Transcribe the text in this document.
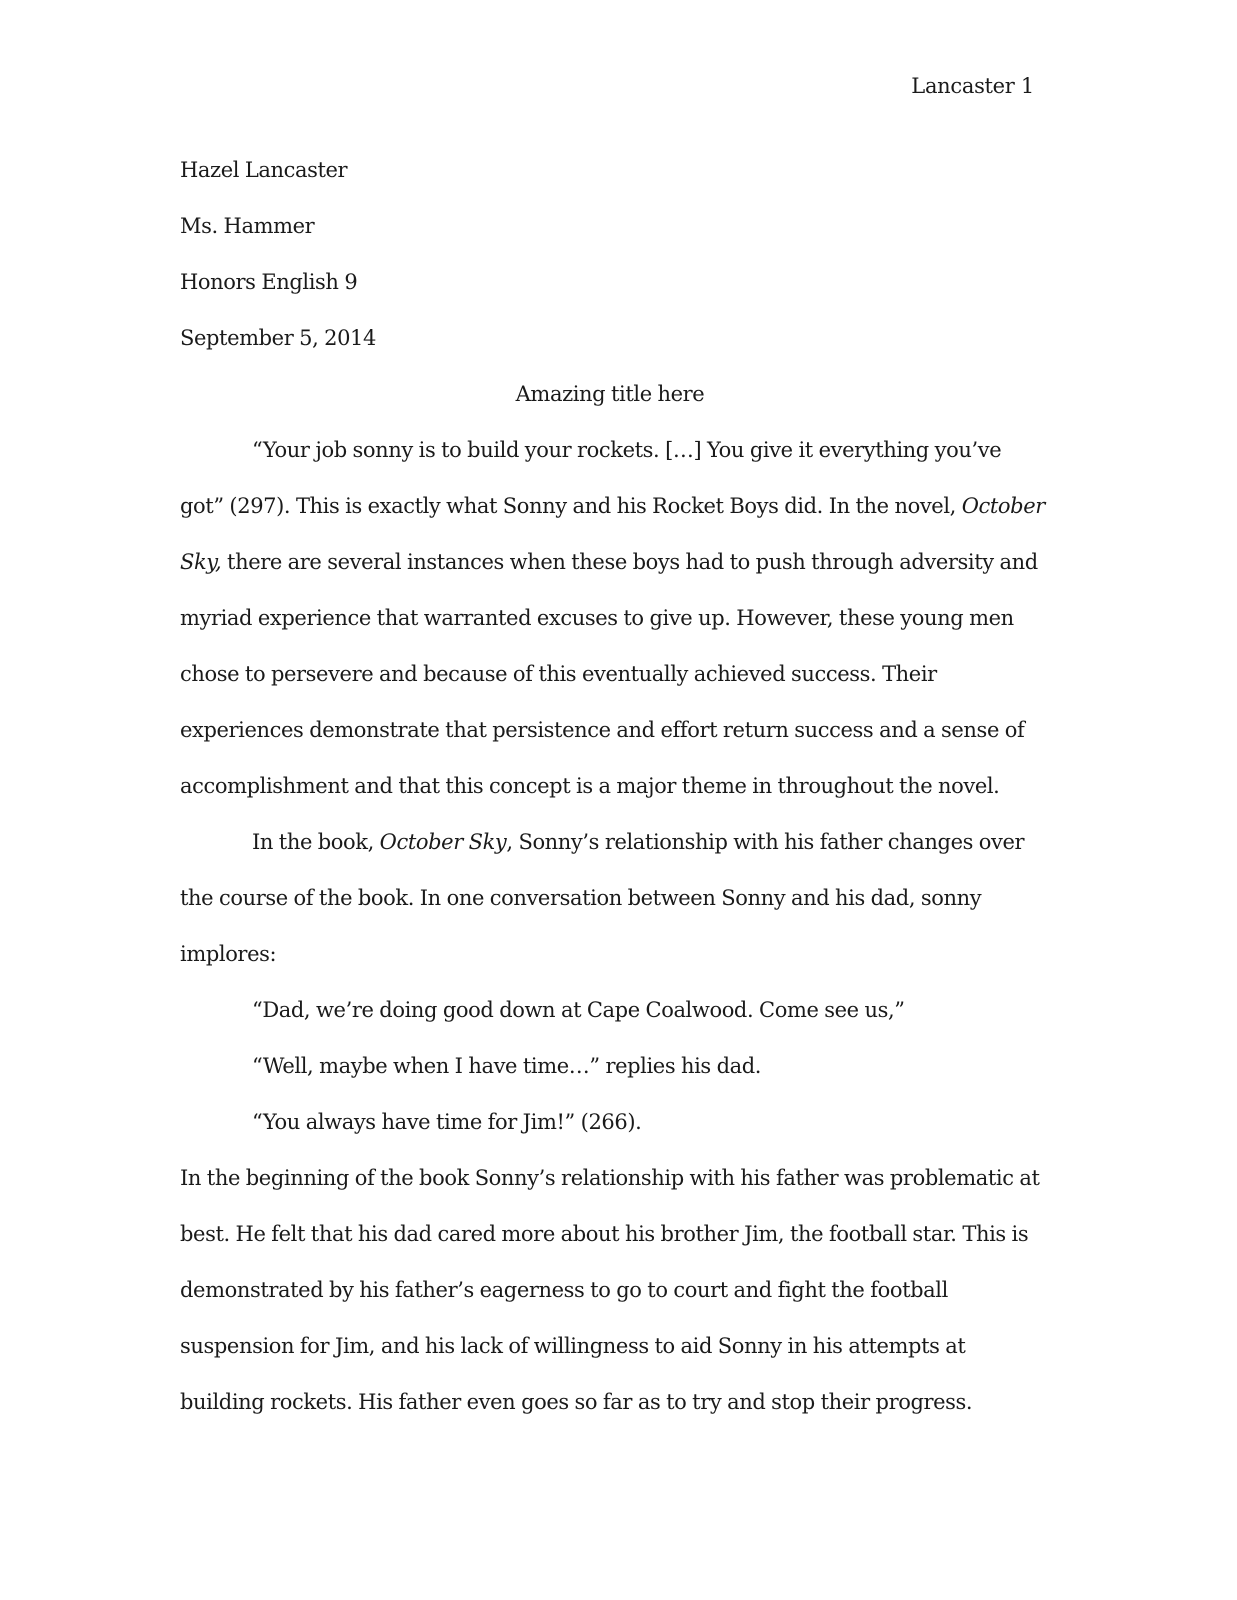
Lancaster 1

Hazel Lancaster

Ms. Hammer

Honors English 9

September 5, 2014

Amazing title here

“Your job sonny is to build your rockets. […] You give it everything you’ve

got” (297). This is exactly what Sonny and his Rocket Boys did. In the novel, October

Sky, there are several instances when these boys had to push through adversity and

myriad experience that warranted excuses to give up. However, these young men

chose to persevere and because of this eventually achieved success. Their

experiences demonstrate that persistence and effort return success and a sense of

accomplishment and that this concept is a major theme in throughout the novel.

In the book, October Sky, Sonny’s relationship with his father changes over

the course of the book. In one conversation between Sonny and his dad, sonny

implores:

“Dad, we’re doing good down at Cape Coalwood. Come see us,”

“Well, maybe when I have time…” replies his dad.

“You always have time for Jim!” (266).

In the beginning of the book Sonny’s relationship with his father was problematic at

best. He felt that his dad cared more about his brother Jim, the football star. This is

demonstrated by his father’s eagerness to go to court and fight the football

suspension for Jim, and his lack of willingness to aid Sonny in his attempts at

building rockets. His father even goes so far as to try and stop their progress.
